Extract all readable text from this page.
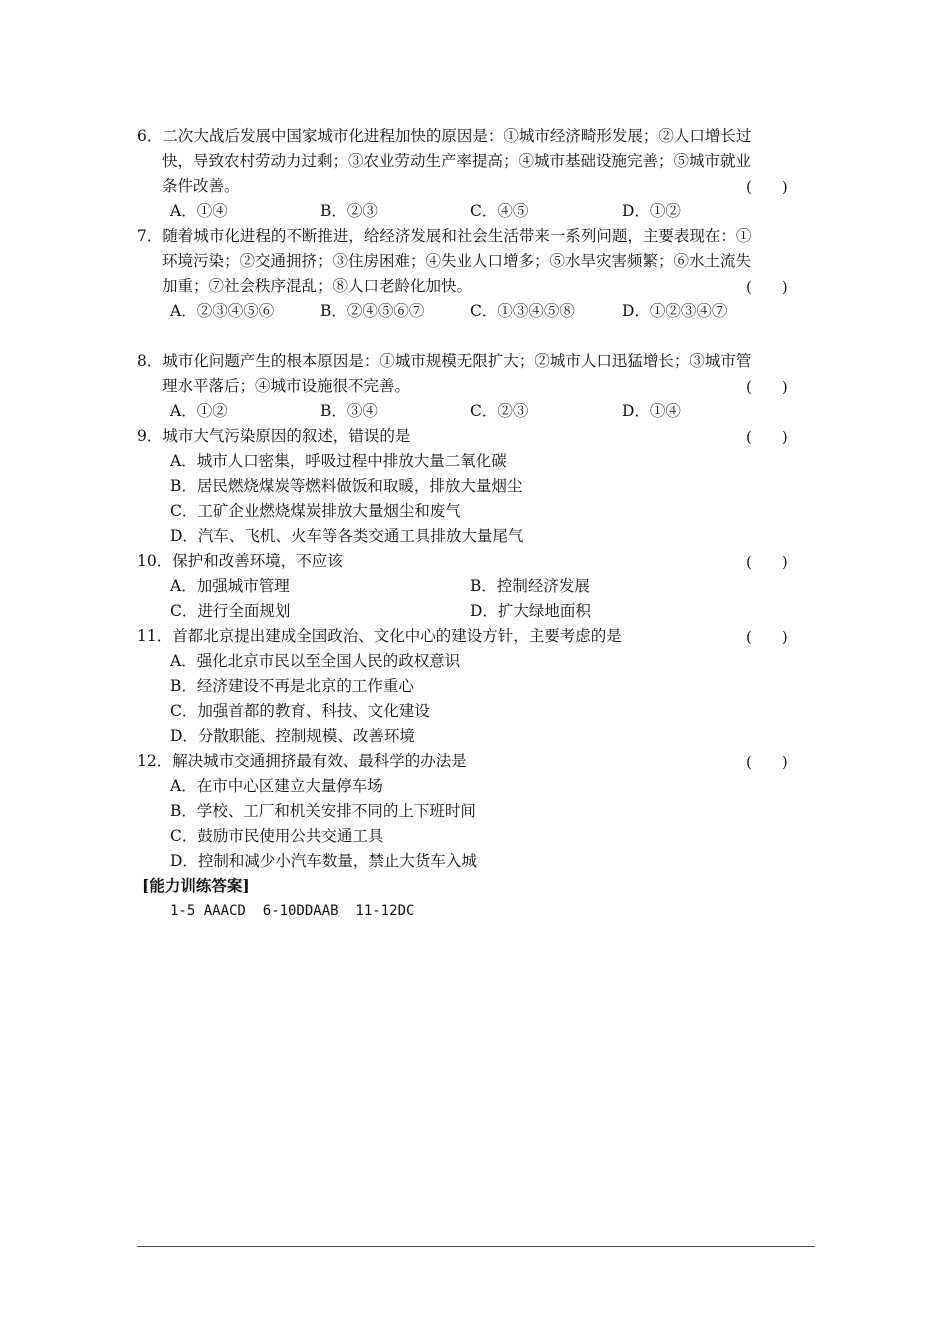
6．二次大战后发展中国家城市化进程加快的原因是：①城市经济畸形发展；②人口增长过
快，导致农村劳动力过剩；③农业劳动生产率提高；④城市基础设施完善；⑤城市就业
条件改善。	(　　)
A．①④	B．②③	C．④⑤	D．①②
7．随着城市化进程的不断推进，给经济发展和社会生活带来一系列问题，主要表现在：①
环境污染；②交通拥挤；③住房困难；④失业人口增多；⑤水旱灾害频繁；⑥水土流失
加重；⑦社会秩序混乱；⑧人口老龄化加快。	(　　)
A．②③④⑤⑥	B．②④⑤⑥⑦	C．①③④⑤⑧	D．①②③④⑦
8．城市化问题产生的根本原因是：①城市规模无限扩大；②城市人口迅猛增长；③城市管
理水平落后；④城市设施很不完善。	(　　)
A．①②	B．③④	C．②③	D．①④
9．城市大气污染原因的叙述，错误的是	(　　)
A．城市人口密集，呼吸过程中排放大量二氧化碳
B．居民燃烧煤炭等燃料做饭和取暖，排放大量烟尘
C．工矿企业燃烧煤炭排放大量烟尘和废气
D．汽车、飞机、火车等各类交通工具排放大量尾气
10．保护和改善环境，不应该	(　　)
A．加强城市管理	B．控制经济发展
C．进行全面规划	D．扩大绿地面积
11．首都北京提出建成全国政治、文化中心的建设方针，主要考虑的是	(　　)
A．强化北京市民以至全国人民的政权意识
B．经济建设不再是北京的工作重心
C．加强首都的教育、科技、文化建设
D．分散职能、控制规模、改善环境
12．解决城市交通拥挤最有效、最科学的办法是	(　　)
A．在市中心区建立大量停车场
B．学校、工厂和机关安排不同的上下班时间
C．鼓励市民使用公共交通工具
D．控制和减少小汽车数量，禁止大货车入城
[能力训练答案]
1-5 AAACD  6-10DDAAB  11-12DC
